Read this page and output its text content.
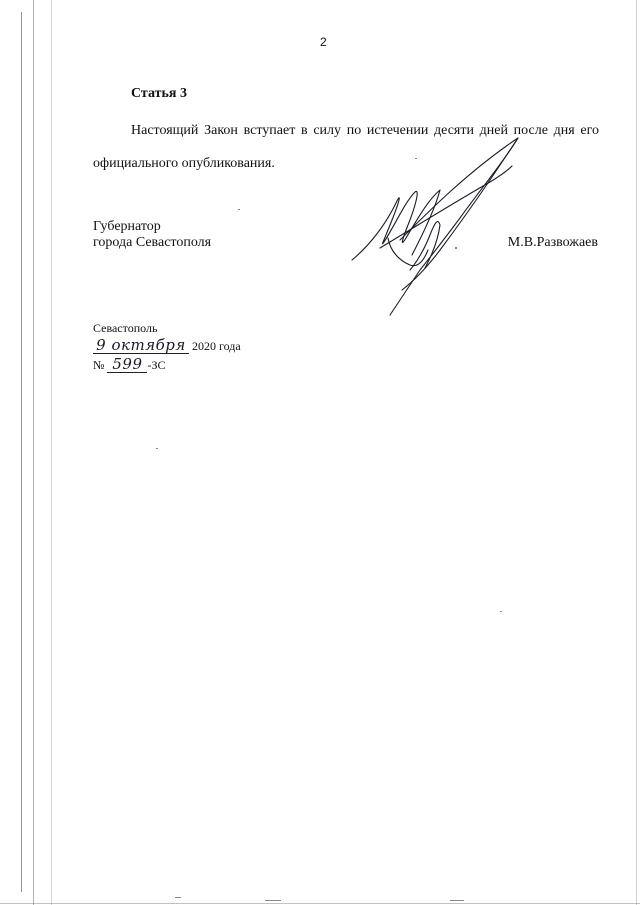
2
Статья 3

Настоящий Закон вступает в силу по истечении десяти дней после дня его официального опубликования.

Губернатор
города Севастополя	М.В.Развожаев
Севастополь
9 октября 2020 года
№ 599 -ЗС
